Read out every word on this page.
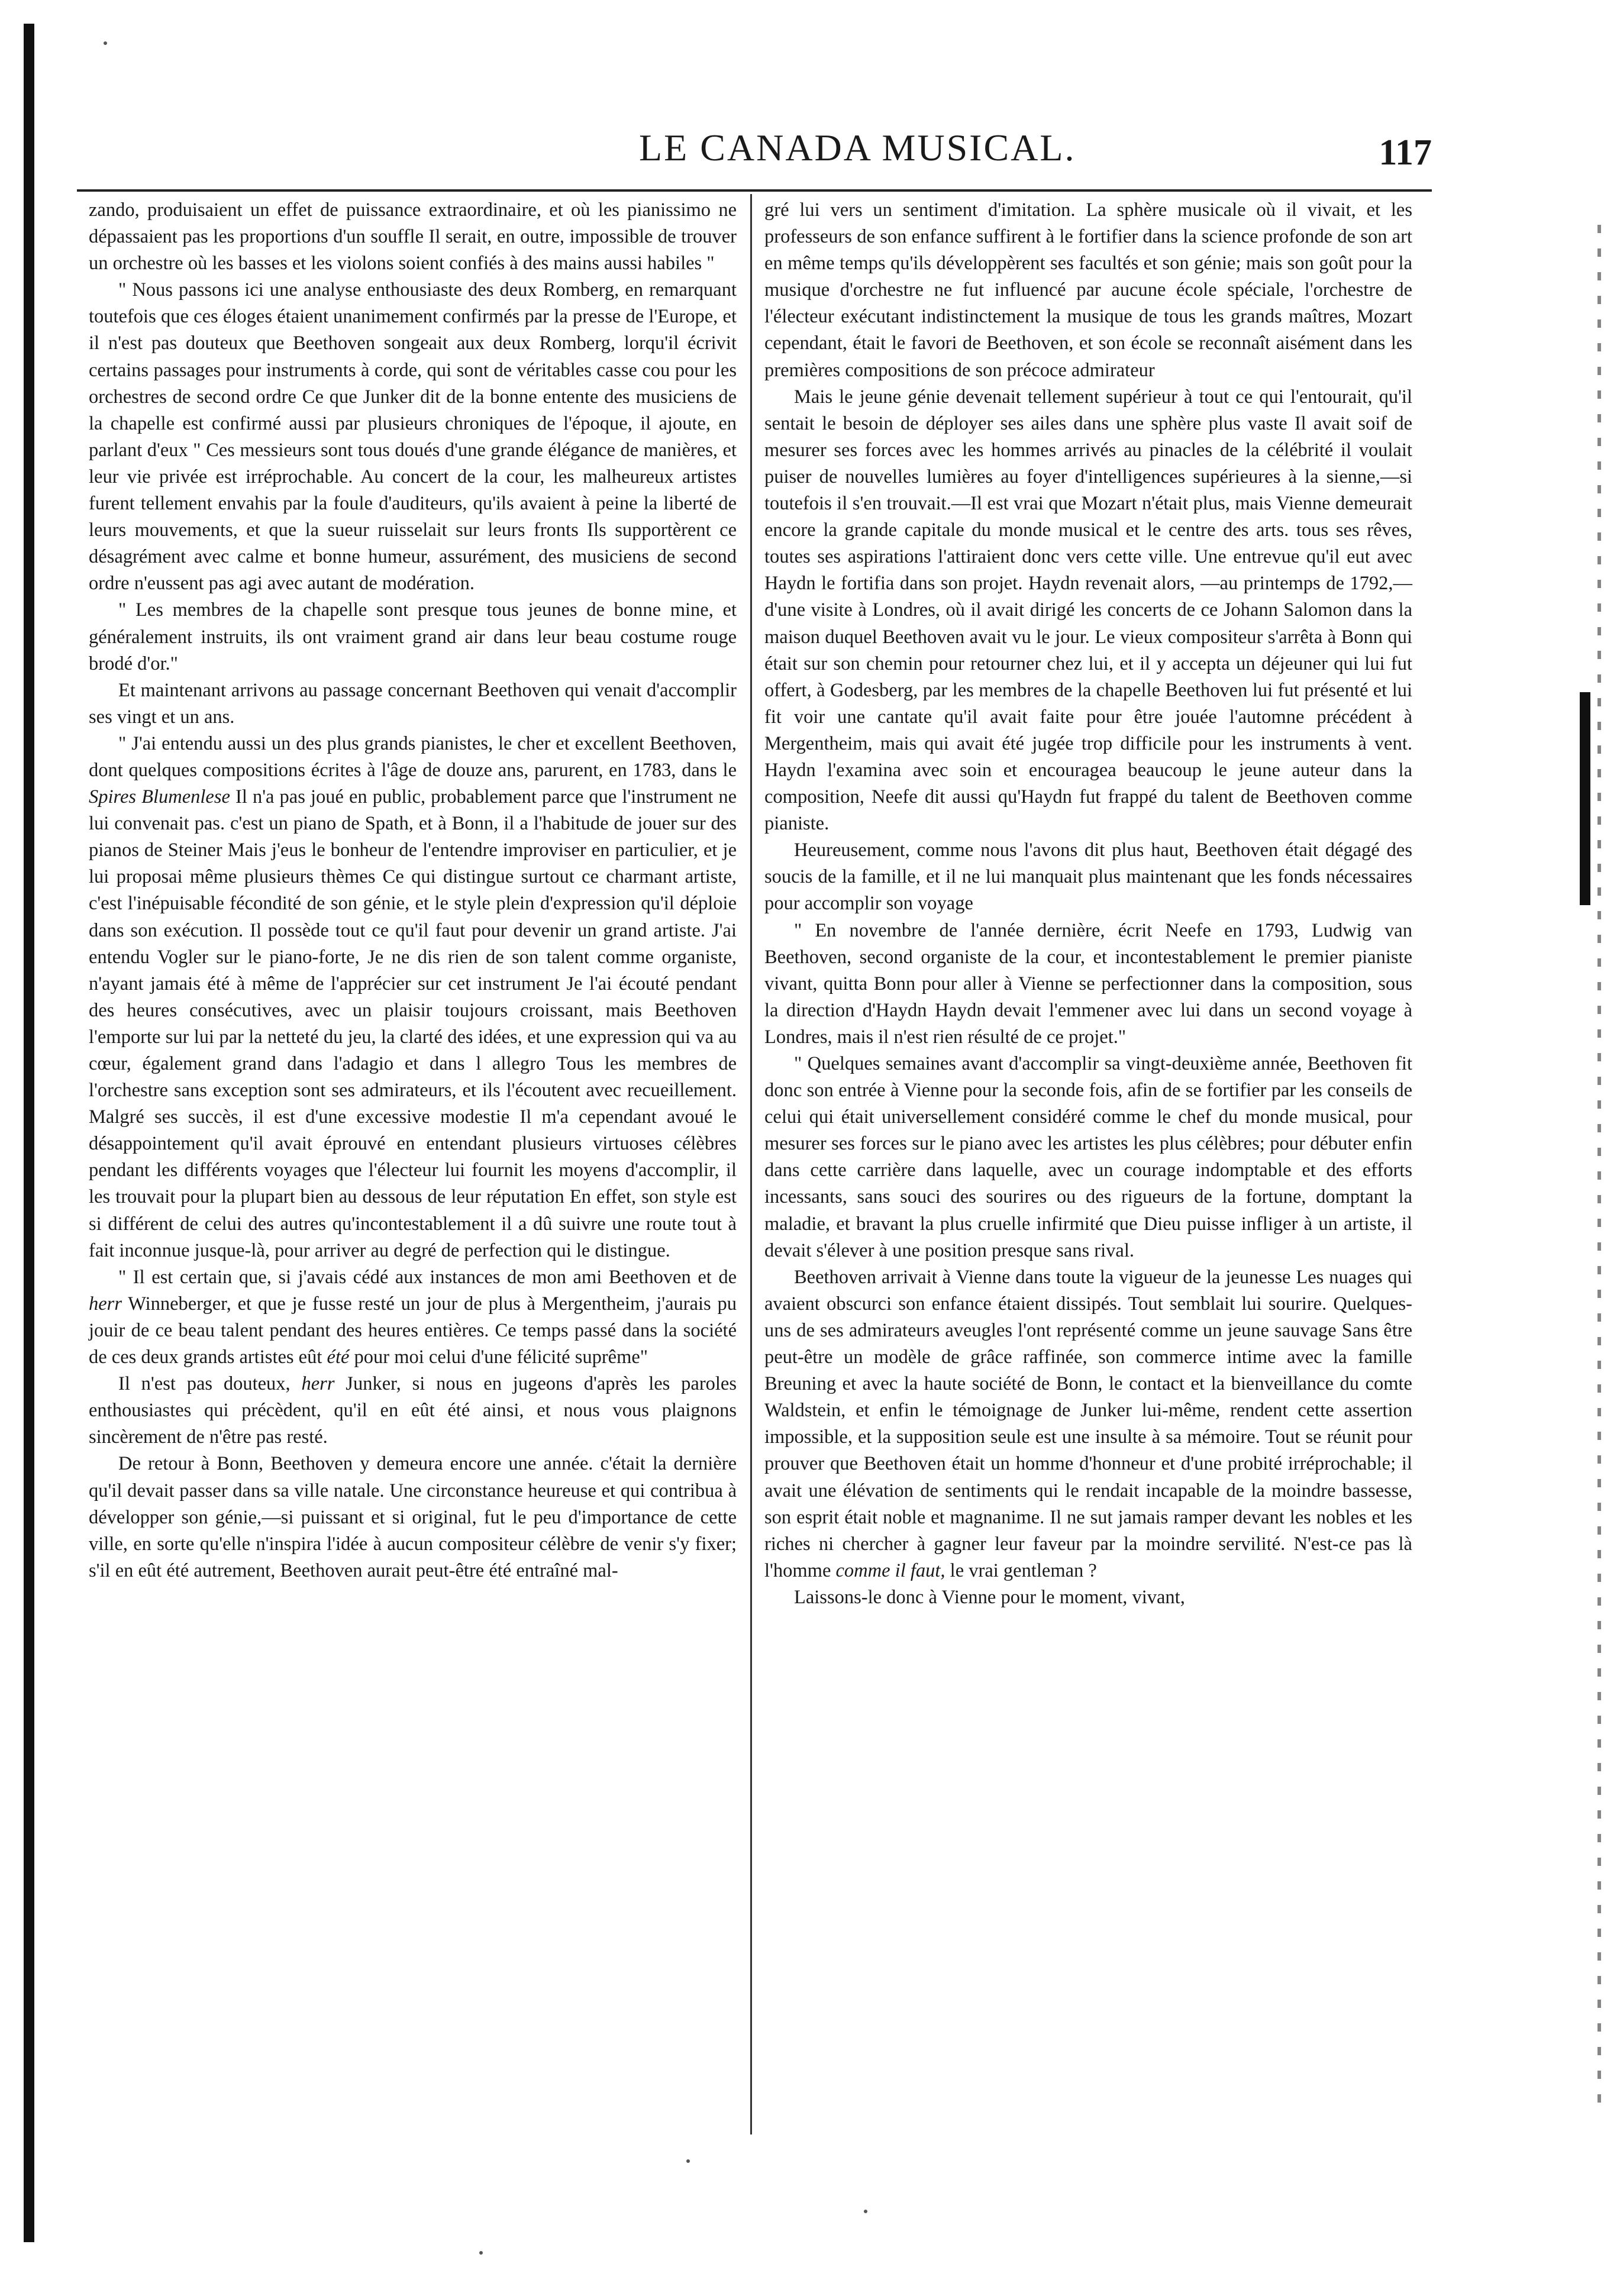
LE CANADA MUSICAL.	117

zando, produisaient un effet de puissance extraordinaire, et où les pianissimo ne dépassaient pas les proportions d'un souffle Il serait, en outre, impossible de trouver un orchestre où les basses et les violons soient confiés à des mains aussi habiles "

" Nous passons ici une analyse enthousiaste des deux Romberg, en remarquant toutefois que ces éloges étaient unanimement confirmés par la presse de l'Europe, et il n'est pas douteux que Beethoven songeait aux deux Romberg, lorqu'il écrivit certains passages pour instruments à corde, qui sont de véritables casse cou pour les orchestres de second ordre Ce que Junker dit de la bonne entente des musiciens de la chapelle est confirmé aussi par plusieurs chroniques de l'époque, il ajoute, en parlant d'eux " Ces messieurs sont tous doués d'une grande élégance de manières, et leur vie privée est irréprochable. Au concert de la cour, les malheureux artistes furent tellement envahis par la foule d'auditeurs, qu'ils avaient à peine la liberté de leurs mouvements, et que la sueur ruisselait sur leurs fronts Ils supportèrent ce désagrément avec calme et bonne humeur, assurément, des musiciens de second ordre n'eussent pas agi avec autant de modération.

" Les membres de la chapelle sont presque tous jeunes de bonne mine, et généralement instruits, ils ont vraiment grand air dans leur beau costume rouge brodé d'or."

Et maintenant arrivons au passage concernant Beethoven qui venait d'accomplir ses vingt et un ans.

" J'ai entendu aussi un des plus grands pianistes, le cher et excellent Beethoven, dont quelques compositions écrites à l'âge de douze ans, parurent, en 1783, dans le Spires Blumenlese Il n'a pas joué en public, probablement parce que l'instrument ne lui convenait pas. c'est un piano de Spath, et à Bonn, il a l'habitude de jouer sur des pianos de Steiner Mais j'eus le bonheur de l'entendre improviser en particulier, et je lui proposai même plusieurs thèmes Ce qui distingue surtout ce charmant artiste, c'est l'inépuisable fécondité de son génie, et le style plein d'expression qu'il déploie dans son exécution. Il possède tout ce qu'il faut pour devenir un grand artiste. J'ai entendu Vogler sur le piano-forte, Je ne dis rien de son talent comme organiste, n'ayant jamais été à même de l'apprécier sur cet instrument Je l'ai écouté pendant des heures consécutives, avec un plaisir toujours croissant, mais Beethoven l'emporte sur lui par la netteté du jeu, la clarté des idées, et une expression qui va au cœur, également grand dans l'adagio et dans l allegro Tous les membres de l'orchestre sans exception sont ses admirateurs, et ils l'écoutent avec recueillement. Malgré ses succès, il est d'une excessive modestie Il m'a cependant avoué le désappointement qu'il avait éprouvé en entendant plusieurs virtuoses célèbres pendant les différents voyages que l'électeur lui fournit les moyens d'accomplir, il les trouvait pour la plupart bien au dessous de leur réputation En effet, son style est si différent de celui des autres qu'incontestablement il a dû suivre une route tout à fait inconnue jusque-là, pour arriver au degré de perfection qui le distingue.

" Il est certain que, si j'avais cédé aux instances de mon ami Beethoven et de herr Winneberger, et que je fusse resté un jour de plus à Mergentheim, j'aurais pu jouir de ce beau talent pendant des heures entières. Ce temps passé dans la société de ces deux grands artistes eût été pour moi celui d'une félicité suprême"

Il n'est pas douteux, herr Junker, si nous en jugeons d'après les paroles enthousiastes qui précèdent, qu'il en eût été ainsi, et nous vous plaignons sincèrement de n'être pas resté.

De retour à Bonn, Beethoven y demeura encore une année. c'était la dernière qu'il devait passer dans sa ville natale. Une circonstance heureuse et qui contribua à développer son génie,—si puissant et si original, fut le peu d'importance de cette ville, en sorte qu'elle n'inspira l'idée à aucun compositeur célèbre de venir s'y fixer; s'il en eût été autrement, Beethoven aurait peut-être été entraîné mal-

gré lui vers un sentiment d'imitation. La sphère musicale où il vivait, et les professeurs de son enfance suffirent à le fortifier dans la science profonde de son art en même temps qu'ils développèrent ses facultés et son génie; mais son goût pour la musique d'orchestre ne fut influencé par aucune école spéciale, l'orchestre de l'électeur exécutant indistinctement la musique de tous les grands maîtres, Mozart cependant, était le favori de Beethoven, et son école se reconnaît aisément dans les premières compositions de son précoce admirateur

Mais le jeune génie devenait tellement supérieur à tout ce qui l'entourait, qu'il sentait le besoin de déployer ses ailes dans une sphère plus vaste Il avait soif de mesurer ses forces avec les hommes arrivés au pinacles de la célébrité il voulait puiser de nouvelles lumières au foyer d'intelligences supérieures à la sienne,—si toutefois il s'en trouvait.—Il est vrai que Mozart n'était plus, mais Vienne demeurait encore la grande capitale du monde musical et le centre des arts. tous ses rêves, toutes ses aspirations l'attiraient donc vers cette ville. Une entrevue qu'il eut avec Haydn le fortifia dans son projet. Haydn revenait alors, —au printemps de 1792,—d'une visite à Londres, où il avait dirigé les concerts de ce Johann Salomon dans la maison duquel Beethoven avait vu le jour. Le vieux compositeur s'arrêta à Bonn qui était sur son chemin pour retourner chez lui, et il y accepta un déjeuner qui lui fut offert, à Godesberg, par les membres de la chapelle Beethoven lui fut présenté et lui fit voir une cantate qu'il avait faite pour être jouée l'automne précédent à Mergentheim, mais qui avait été jugée trop difficile pour les instruments à vent. Haydn l'examina avec soin et encouragea beaucoup le jeune auteur dans la composition, Neefe dit aussi qu'Haydn fut frappé du talent de Beethoven comme pianiste.

Heureusement, comme nous l'avons dit plus haut, Beethoven était dégagé des soucis de la famille, et il ne lui manquait plus maintenant que les fonds nécessaires pour accomplir son voyage

" En novembre de l'année dernière, écrit Neefe en 1793, Ludwig van Beethoven, second organiste de la cour, et incontestablement le premier pianiste vivant, quitta Bonn pour aller à Vienne se perfectionner dans la composition, sous la direction d'Haydn Haydn devait l'emmener avec lui dans un second voyage à Londres, mais il n'est rien résulté de ce projet."

" Quelques semaines avant d'accomplir sa vingt-deuxième année, Beethoven fit donc son entrée à Vienne pour la seconde fois, afin de se fortifier par les conseils de celui qui était universellement considéré comme le chef du monde musical, pour mesurer ses forces sur le piano avec les artistes les plus célèbres; pour débuter enfin dans cette carrière dans laquelle, avec un courage indomptable et des efforts incessants, sans souci des sourires ou des rigueurs de la fortune, domptant la maladie, et bravant la plus cruelle infirmité que Dieu puisse infliger à un artiste, il devait s'élever à une position presque sans rival.

Beethoven arrivait à Vienne dans toute la vigueur de la jeunesse Les nuages qui avaient obscurci son enfance étaient dissipés. Tout semblait lui sourire. Quelques-uns de ses admirateurs aveugles l'ont représenté comme un jeune sauvage Sans être peut-être un modèle de grâce raffinée, son commerce intime avec la famille Breuning et avec la haute société de Bonn, le contact et la bienveillance du comte Waldstein, et enfin le témoignage de Junker lui-même, rendent cette assertion impossible, et la supposition seule est une insulte à sa mémoire. Tout se réunit pour prouver que Beethoven était un homme d'honneur et d'une probité irréprochable; il avait une élévation de sentiments qui le rendait incapable de la moindre bassesse, son esprit était noble et magnanime. Il ne sut jamais ramper devant les nobles et les riches ni chercher à gagner leur faveur par la moindre servilité. N'est-ce pas là l'homme comme il faut, le vrai gentleman ?

Laissons-le donc à Vienne pour le moment, vivant,
